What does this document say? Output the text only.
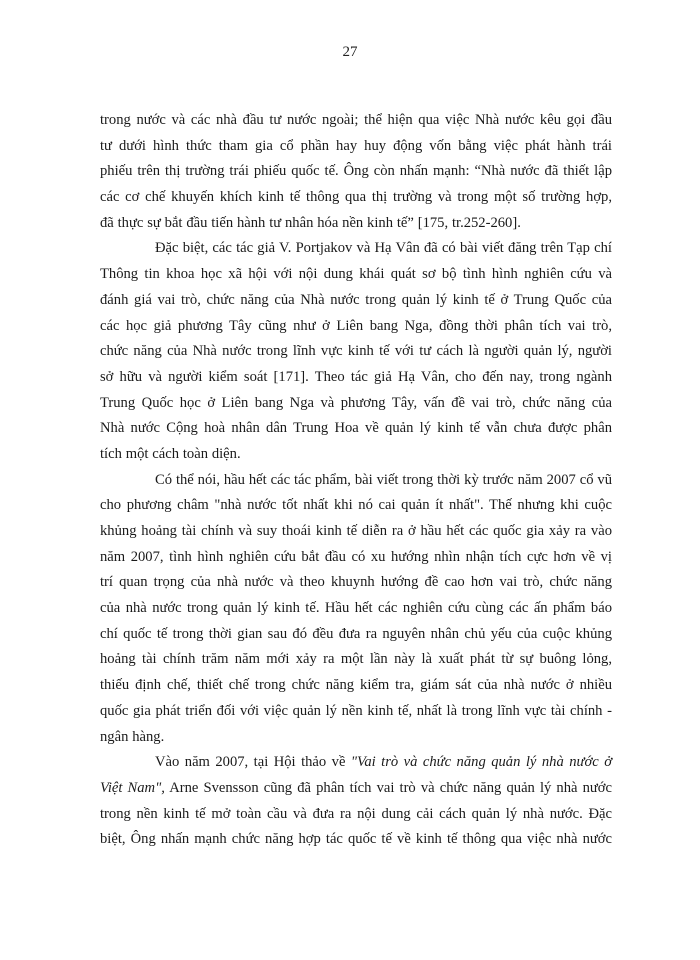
27
trong nước và các nhà đầu tư nước ngoài; thể hiện qua việc Nhà nước kêu gọi đầu
tư dưới hình thức tham gia cổ phần hay huy động vốn bằng việc phát hành trái
phiếu trên thị trường trái phiếu quốc tế. Ông còn nhấn mạnh: “Nhà nước đã thiết lập
các cơ chế khuyến khích kinh tế thông qua thị trường và trong một số trường hợp,
đã thực sự bắt đầu tiến hành tư nhân hóa nền kinh tế” [175, tr.252-260].
Đặc biệt, các tác giả V. Portjakov và Hạ Vân đã có bài viết đăng trên Tạp chí
Thông tin khoa học xã hội với nội dung khái quát sơ bộ tình hình nghiên cứu và
đánh giá vai trò, chức năng của Nhà nước trong quản lý kinh tế ở Trung Quốc của
các học giả phương Tây cũng như ở Liên bang Nga, đồng thời phân tích vai trò,
chức năng của Nhà nước trong lĩnh vực kinh tế với tư cách là người quản lý, người
sở hữu và người kiểm soát [171]. Theo tác giả Hạ Vân, cho đến nay, trong ngành
Trung Quốc học ở Liên bang Nga và phương Tây, vấn đề vai trò, chức năng của
Nhà nước Cộng hoà nhân dân Trung Hoa về quản lý kinh tế vẫn chưa được phân
tích một cách toàn diện.
Có thể nói, hầu hết các tác phẩm, bài viết trong thời kỳ trước năm 2007 cổ vũ
cho phương châm "nhà nước tốt nhất khi nó cai quản ít nhất". Thế nhưng khi cuộc
khủng hoảng tài chính và suy thoái kinh tế diễn ra ở hầu hết các quốc gia xảy ra vào
năm 2007, tình hình nghiên cứu bắt đầu có xu hướng nhìn nhận tích cực hơn về vị
trí quan trọng của nhà nước và theo khuynh hướng đề cao hơn vai trò, chức năng
của nhà nước trong quản lý kinh tế. Hầu hết các nghiên cứu cùng các ấn phẩm báo
chí quốc tế trong thời gian sau đó đều đưa ra nguyên nhân chủ yếu của cuộc khủng
hoảng tài chính trăm năm mới xảy ra một lần này là xuất phát từ sự buông lỏng,
thiếu định chế, thiết chế trong chức năng kiểm tra, giám sát của nhà nước ở nhiều
quốc gia phát triển đối với việc quản lý nền kinh tế, nhất là trong lĩnh vực tài chính -
ngân hàng.
Vào năm 2007, tại Hội thảo về "Vai trò và chức năng quản lý nhà nước ở
Việt Nam", Arne Svensson cũng đã phân tích vai trò và chức năng quản lý nhà nước
trong nền kinh tế mở toàn cầu và đưa ra nội dung cải cách quản lý nhà nước. Đặc
biệt, Ông nhấn mạnh chức năng hợp tác quốc tế về kinh tế thông qua việc nhà nước
